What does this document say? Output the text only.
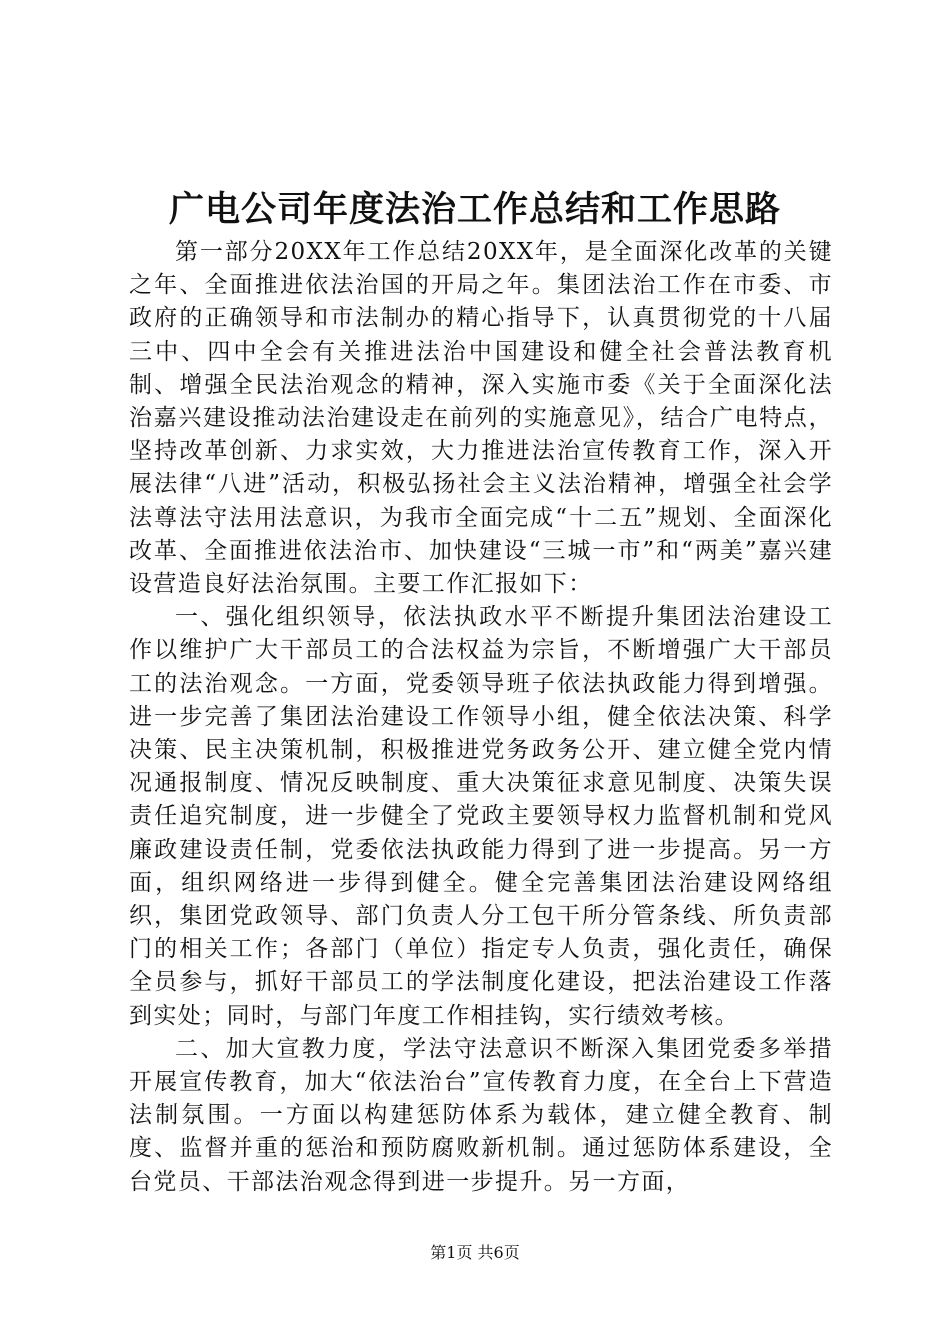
广电公司年度法治工作总结和工作思路

第一部分20XX年工作总结20XX年，是全面深化改革的关键之年、全面推进依法治国的开局之年。集团法治工作在市委、市政府的正确领导和市法制办的精心指导下，认真贯彻党的十八届三中、四中全会有关推进法治中国建设和健全社会普法教育机制、增强全民法治观念的精神，深入实施市委《关于全面深化法治嘉兴建设推动法治建设走在前列的实施意见》，结合广电特点，坚持改革创新、力求实效，大力推进法治宣传教育工作，深入开展法律“八进”活动，积极弘扬社会主义法治精神，增强全社会学法尊法守法用法意识，为我市全面完成“十二五”规划、全面深化改革、全面推进依法治市、加快建设“三城一市”和“两美”嘉兴建设营造良好法治氛围。主要工作汇报如下：

一、强化组织领导，依法执政水平不断提升集团法治建设工作以维护广大干部员工的合法权益为宗旨，不断增强广大干部员工的法治观念。一方面，党委领导班子依法执政能力得到增强。进一步完善了集团法治建设工作领导小组，健全依法决策、科学决策、民主决策机制，积极推进党务政务公开、建立健全党内情况通报制度、情况反映制度、重大决策征求意见制度、决策失误责任追究制度，进一步健全了党政主要领导权力监督机制和党风廉政建设责任制，党委依法执政能力得到了进一步提高。另一方面，组织网络进一步得到健全。健全完善集团法治建设网络组织，集团党政领导、部门负责人分工包干所分管条线、所负责部门的相关工作；各部门（单位）指定专人负责，强化责任，确保全员参与，抓好干部员工的学法制度化建设，把法治建设工作落到实处；同时，与部门年度工作相挂钩，实行绩效考核。

二、加大宣教力度，学法守法意识不断深入集团党委多举措开展宣传教育，加大“依法治台”宣传教育力度，在全台上下营造法制氛围。一方面以构建惩防体系为载体，建立健全教育、制度、监督并重的惩治和预防腐败新机制。通过惩防体系建设，全台党员、干部法治观念得到进一步提升。另一方面，

第1页 共6页
